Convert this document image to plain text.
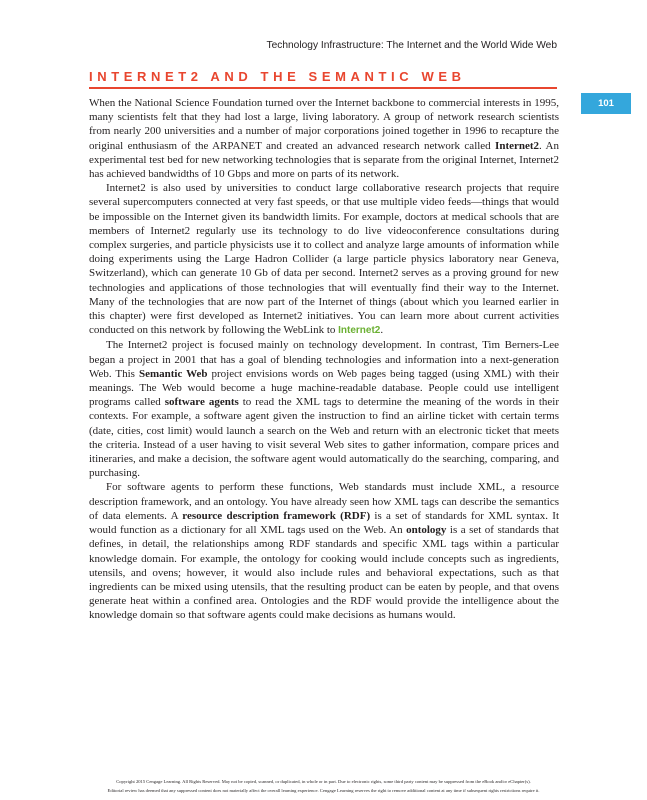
Technology Infrastructure: The Internet and the World Wide Web
INTERNET2 AND THE SEMANTIC WEB
101

When the National Science Foundation turned over the Internet backbone to commercial interests in 1995, many scientists felt that they had lost a large, living laboratory. A group of network research scientists from nearly 200 universities and a number of major corporations joined together in 1996 to recapture the original enthusiasm of the ARPANET and created an advanced research network called Internet2. An experimental test bed for new networking technologies that is separate from the original Internet, Internet2 has achieved bandwidths of 10 Gbps and more on parts of its network.

Internet2 is also used by universities to conduct large collaborative research projects that require several supercomputers connected at very fast speeds, or that use multiple video feeds—things that would be impossible on the Internet given its bandwidth limits. For example, doctors at medical schools that are members of Internet2 regularly use its technology to do live videoconference consultations during complex surgeries, and particle physicists use it to collect and analyze large amounts of information while doing experiments using the Large Hadron Collider (a large particle physics laboratory near Geneva, Switzerland), which can generate 10 Gb of data per second. Internet2 serves as a proving ground for new technologies and applications of those technologies that will eventually find their way to the Internet. Many of the technologies that are now part of the Internet of things (about which you learned earlier in this chapter) were first developed as Internet2 initiatives. You can learn more about current activities conducted on this network by following the WebLink to Internet2.

The Internet2 project is focused mainly on technology development. In contrast, Tim Berners-Lee began a project in 2001 that has a goal of blending technologies and information into a next-generation Web. This Semantic Web project envisions words on Web pages being tagged (using XML) with their meanings. The Web would become a huge machine-readable database. People could use intelligent programs called software agents to read the XML tags to determine the meaning of the words in their contexts. For example, a software agent given the instruction to find an airline ticket with certain terms (date, cities, cost limit) would launch a search on the Web and return with an electronic ticket that meets the criteria. Instead of a user having to visit several Web sites to gather information, compare prices and itineraries, and make a decision, the software agent would automatically do the searching, comparing, and purchasing.

For software agents to perform these functions, Web standards must include XML, a resource description framework, and an ontology. You have already seen how XML tags can describe the semantics of data elements. A resource description framework (RDF) is a set of standards for XML syntax. It would function as a dictionary for all XML tags used on the Web. An ontology is a set of standards that defines, in detail, the relationships among RDF standards and specific XML tags within a particular knowledge domain. For example, the ontology for cooking would include concepts such as ingredients, utensils, and ovens; however, it would also include rules and behavioral expectations, such as that ingredients can be mixed using utensils, that the resulting product can be eaten by people, and that ovens generate heat within a confined area. Ontologies and the RDF would provide the intelligence about the knowledge domain so that software agents could make decisions as humans would.

Copyright 2015 Cengage Learning. All Rights Reserved. May not be copied, scanned, or duplicated, in whole or in part. Due to electronic rights, some third party content may be suppressed from the eBook and/or eChapter(s).
Editorial review has deemed that any suppressed content does not materially affect the overall learning experience. Cengage Learning reserves the right to remove additional content at any time if subsequent rights restrictions require it.
